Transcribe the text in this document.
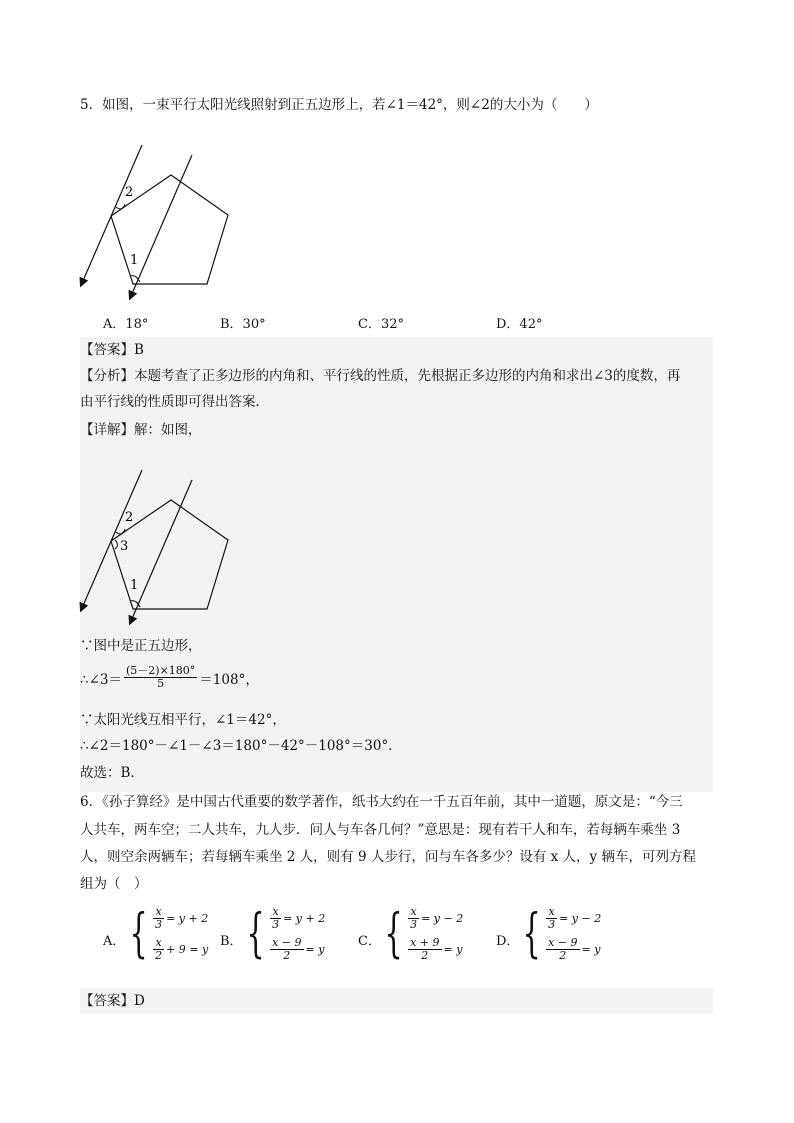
5．如图，一束平行太阳光线照射到正五边形上，若∠1＝42°，则∠2的大小为（　　）
2
1
A．18°	B．30°	C．32°	D．42°
【答案】B
【分析】本题考查了正多边形的内角和、平行线的性质，先根据正多边形的内角和求出∠3的度数，再
由平行线的性质即可得出答案．
【详解】解：如图，
2
3
1
∵图中是正五边形，
∴∠3＝ $\frac{(5-2)\times 180^\circ}{5} =108^\circ$，
∵太阳光线互相平行，∠1＝42°，
∴∠2＝180°－∠1－∠3＝180°－42°－108°＝30°．
故选：B．
6．《孙子算经》是中国古代重要的数学著作，纸书大约在一千五百年前，其中一道题，原文是：“今三
人共车，两车空；二人共车，九人步．问人与车各几何？”意思是：现有若干人和车，若每辆车乘坐 3
人，则空余两辆车；若每辆车乘坐 2 人，则有 9 人步行，问与车各多少？设有 x 人，y 辆车，可列方程
组为（　）
A． { $\frac{x}{3} = y + 2$
$\frac{x}{2} + 9 = y$
B． { $\frac{x}{3} = y + 2$
$\frac{x - 9}{2} = y$
C． { $\frac{x}{3} = y - 2$
$\frac{x + 9}{2} = y$
D． { $\frac{x}{3} = y - 2$
$\frac{x - 9}{2} = y$
【答案】D
